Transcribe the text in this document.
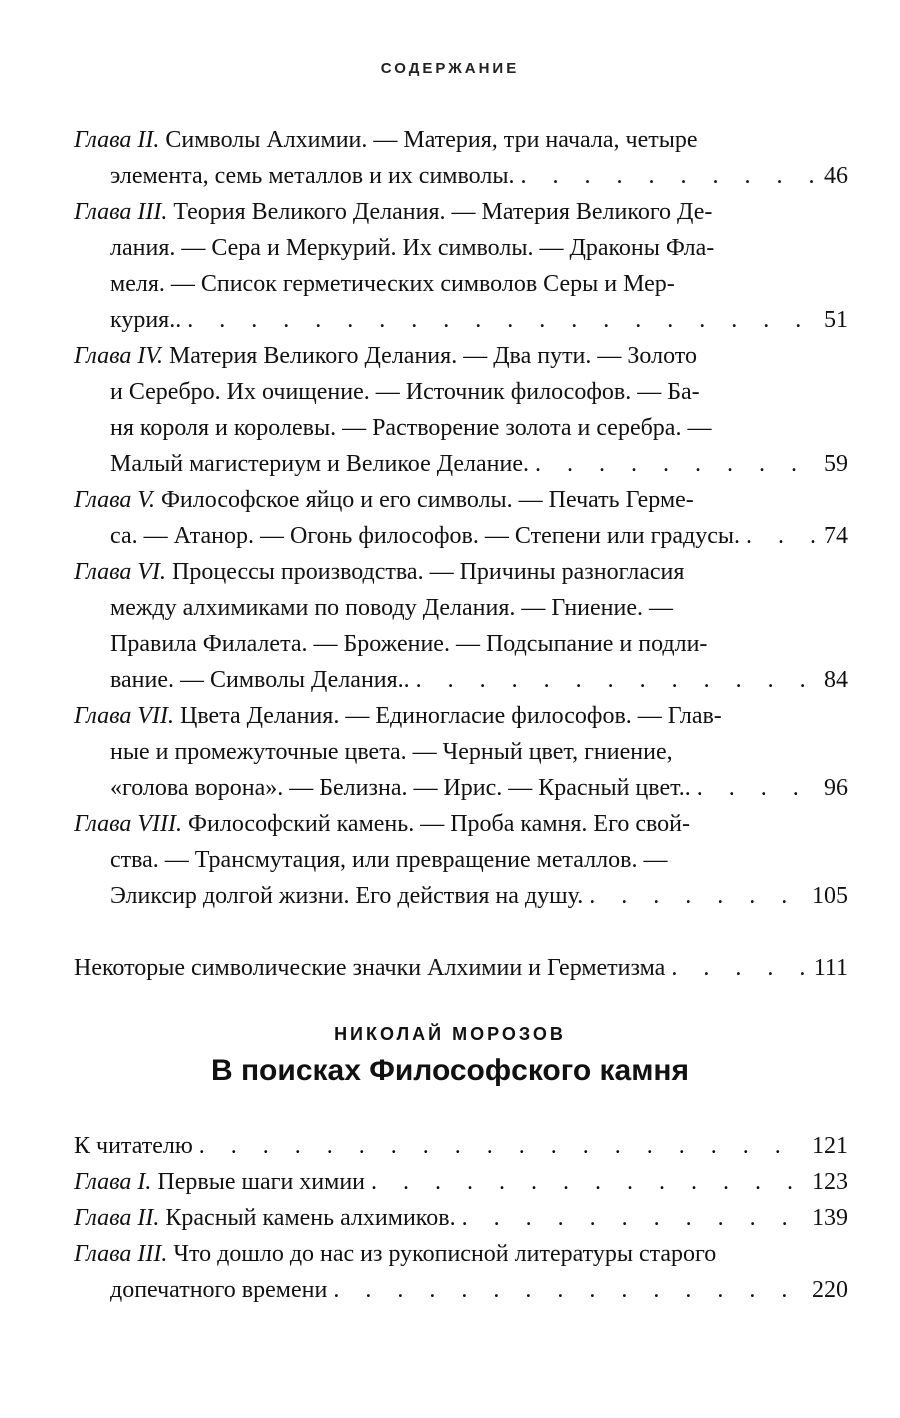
СОДЕРЖАНИЕ
Глава II. Символы Алхимии. — Материя, три начала, четыре
элемента, семь металлов и их символы. . . .	46
Глава III. Теория Великого Делания. — Материя Великого Де-
лания. — Сера и Меркурий. Их символы. — Драконы Фла-
меля. — Список герметических символов Серы и Мер-
курия.. . . .	51
Глава IV. Материя Великого Делания. — Два пути. — Золото
и Серебро. Их очищение. — Источник философов. — Ба-
ня короля и королевы. — Растворение золота и серебра. —
Малый магистериум и Великое Делание. . . .	59
Глава V. Философское яйцо и его символы. — Печать Герме-
са. — Атанор. — Огонь философов. — Степени или градусы. . . .	74
Глава VI. Процессы производства. — Причины разногласия
между алхимиками по поводу Делания. — Гниение. —
Правила Филалета. — Брожение. — Подсыпание и подли-
вание. — Символы Делания.. . . .	84
Глава VII. Цвета Делания. — Единогласие философов. — Глав-
ные и промежуточные цвета. — Черный цвет, гниение,
«голова ворона». — Белизна. — Ирис. — Красный цвет.. . . .	96
Глава VIII. Философский камень. — Проба камня. Его свой-
ства. — Трансмутация, или превращение металлов. —
Эликсир долгой жизни. Его действия на душу. . . .	105
Некоторые символические значки Алхимии и Герметизма . . .	111
НИКОЛАЙ МОРОЗОВ
В поисках Философского камня
К читателю . . .	121
Глава I. Первые шаги химии . . .	123
Глава II. Красный камень алхимиков. . . .	139
Глава III. Что дошло до нас из рукописной литературы старого
допечатного времени . . .	220
